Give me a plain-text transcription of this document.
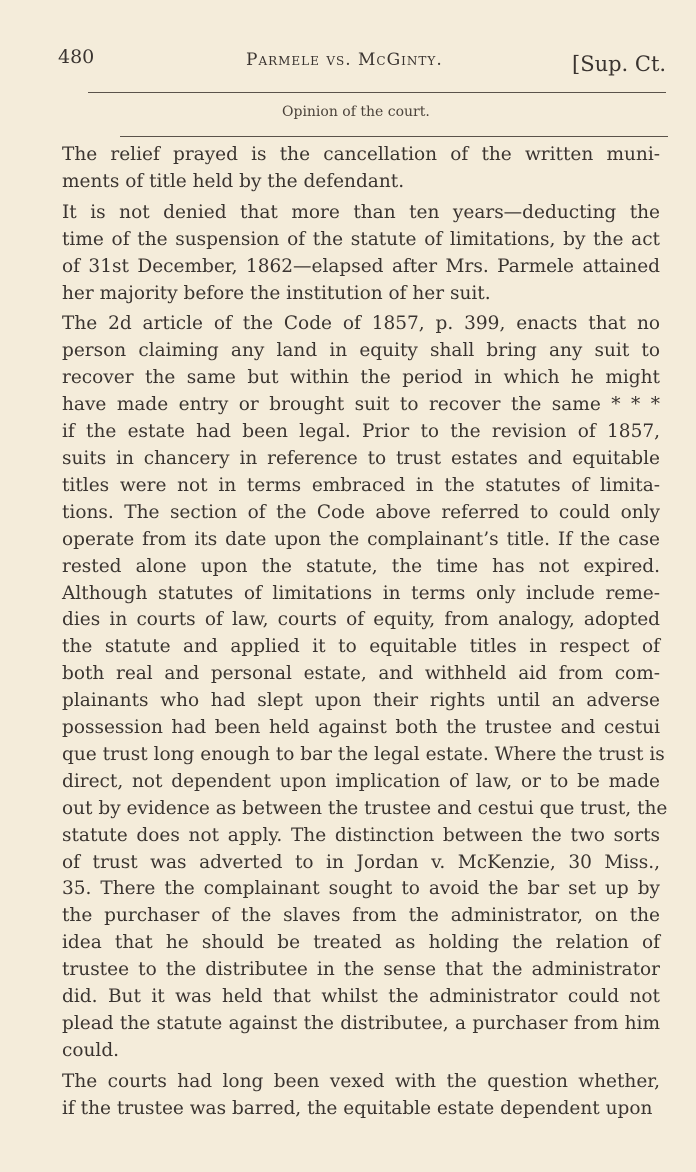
480	Parmele vs. McGinty.	[Sup. Ct.
Opinion of the court.

The relief prayed is the cancellation of the written muni-
ments of title held by the defendant.

It is not denied that more than ten years—deducting the
time of the suspension of the statute of limitations, by the act
of 31st December, 1862—elapsed after Mrs. Parmele attained
her majority before the institution of her suit.

The 2d article of the Code of 1857, p. 399, enacts that no
person claiming any land in equity shall bring any suit to
recover the same but within the period in which he might
have made entry or brought suit to recover the same * * *
if the estate had been legal. Prior to the revision of 1857,
suits in chancery in reference to trust estates and equitable
titles were not in terms embraced in the statutes of limita-
tions. The section of the Code above referred to could only
operate from its date upon the complainant’s title. If the case
rested alone upon the statute, the time has not expired.
Although statutes of limitations in terms only include reme-
dies in courts of law, courts of equity, from analogy, adopted
the statute and applied it to equitable titles in respect of
both real and personal estate, and withheld aid from com-
plainants who had slept upon their rights until an adverse
possession had been held against both the trustee and cestui
que trust long enough to bar the legal estate. Where the trust is
direct, not dependent upon implication of law, or to be made
out by evidence as between the trustee and cestui que trust, the
statute does not apply. The distinction between the two sorts
of trust was adverted to in Jordan v. McKenzie, 30 Miss.,
35. There the complainant sought to avoid the bar set up by
the purchaser of the slaves from the administrator, on the
idea that he should be treated as holding the relation of
trustee to the distributee in the sense that the administrator
did. But it was held that whilst the administrator could not
plead the statute against the distributee, a purchaser from him
could.

The courts had long been vexed with the question whether,
if the trustee was barred, the equitable estate dependent upon
